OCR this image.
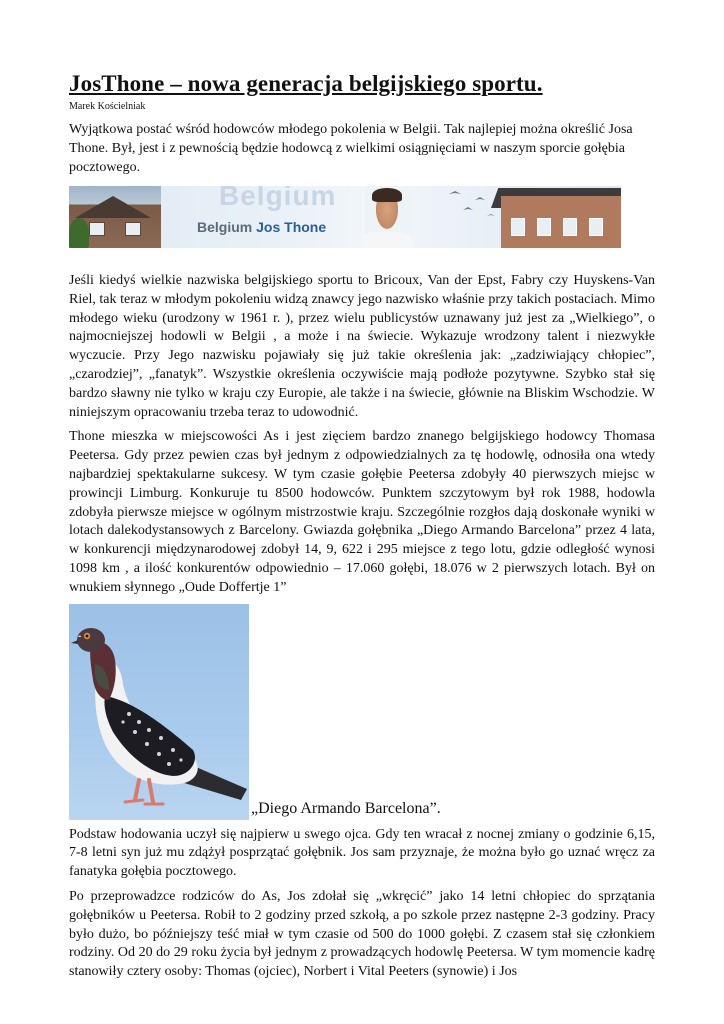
JosThone – nowa generacja belgijskiego sportu.
Marek Kościelniak

Wyjątkowa postać wśród hodowców młodego pokolenia w Belgii. Tak najlepiej można określić Josa Thone. Był, jest i z pewnością będzie hodowcą z wielkimi osiągnięciami w naszym sporcie gołębia pocztowego.

Belgium
Belgium Jos Thone

Jeśli kiedyś wielkie nazwiska belgijskiego sportu to Bricoux, Van der Epst, Fabry czy Huyskens-Van Riel, tak teraz w młodym pokoleniu widzą znawcy jego nazwisko właśnie przy takich postaciach. Mimo młodego wieku (urodzony w 1961 r. ), przez wielu publicystów uznawany już jest za „Wielkiego”, o najmocniejszej hodowli w Belgii , a może i na świecie. Wykazuje wrodzony talent i niezwykłe wyczucie. Przy Jego nazwisku pojawiały się już takie określenia jak: „zadziwiający chłopiec”, „czarodziej”, „fanatyk”. Wszystkie określenia oczywiście mają podłoże pozytywne. Szybko stał się bardzo sławny nie tylko w kraju czy Europie, ale także i na świecie, głównie na Bliskim Wschodzie. W niniejszym opracowaniu trzeba teraz to udowodnić.

Thone mieszka w miejscowości As i jest zięciem bardzo znanego belgijskiego hodowcy Thomasa Peetersa. Gdy przez pewien czas był jednym z odpowiedzialnych za tę hodowlę, odnosiła ona wtedy najbardziej spektakularne sukcesy. W tym czasie gołębie Peetersa zdobyły 40 pierwszych miejsc w prowincji Limburg. Konkuruje tu 8500 hodowców. Punktem szczytowym był rok 1988, hodowla zdobyła pierwsze miejsce w ogólnym mistrzostwie kraju. Szczególnie rozgłos dają doskonałe wyniki w lotach dalekodystansowych z Barcelony. Gwiazda gołębnika „Diego Armando Barcelona” przez 4 lata, w konkurencji międzynarodowej zdobył 14, 9, 622 i 295 miejsce z tego lotu, gdzie odległość wynosi 1098 km , a ilość konkurentów odpowiednio – 17.060 gołębi, 18.076 w 2 pierwszych lotach. Był on wnukiem słynnego „Oude Doffertje 1”

„Diego Armando Barcelona”.

Podstaw hodowania uczył się najpierw u swego ojca. Gdy ten wracał z nocnej zmiany o godzinie 6,15, 7-8 letni syn już mu zdążył posprzątać gołębnik. Jos sam przyznaje, że można było go uznać wręcz za fanatyka gołębia pocztowego.

Po przeprowadzce rodziców do As, Jos zdołał się „wkręcić” jako 14 letni chłopiec do sprzątania gołębników u Peetersa. Robił to 2 godziny przed szkołą, a po szkole przez następne 2-3 godziny. Pracy było dużo, bo późniejszy teść miał w tym czasie od 500 do 1000 gołębi. Z czasem stał się członkiem rodziny. Od 20 do 29 roku życia był jednym z prowadzących hodowlę Peetersa. W tym momencie kadrę stanowiły cztery osoby: Thomas (ojciec), Norbert i Vital Peeters (synowie) i Jos
